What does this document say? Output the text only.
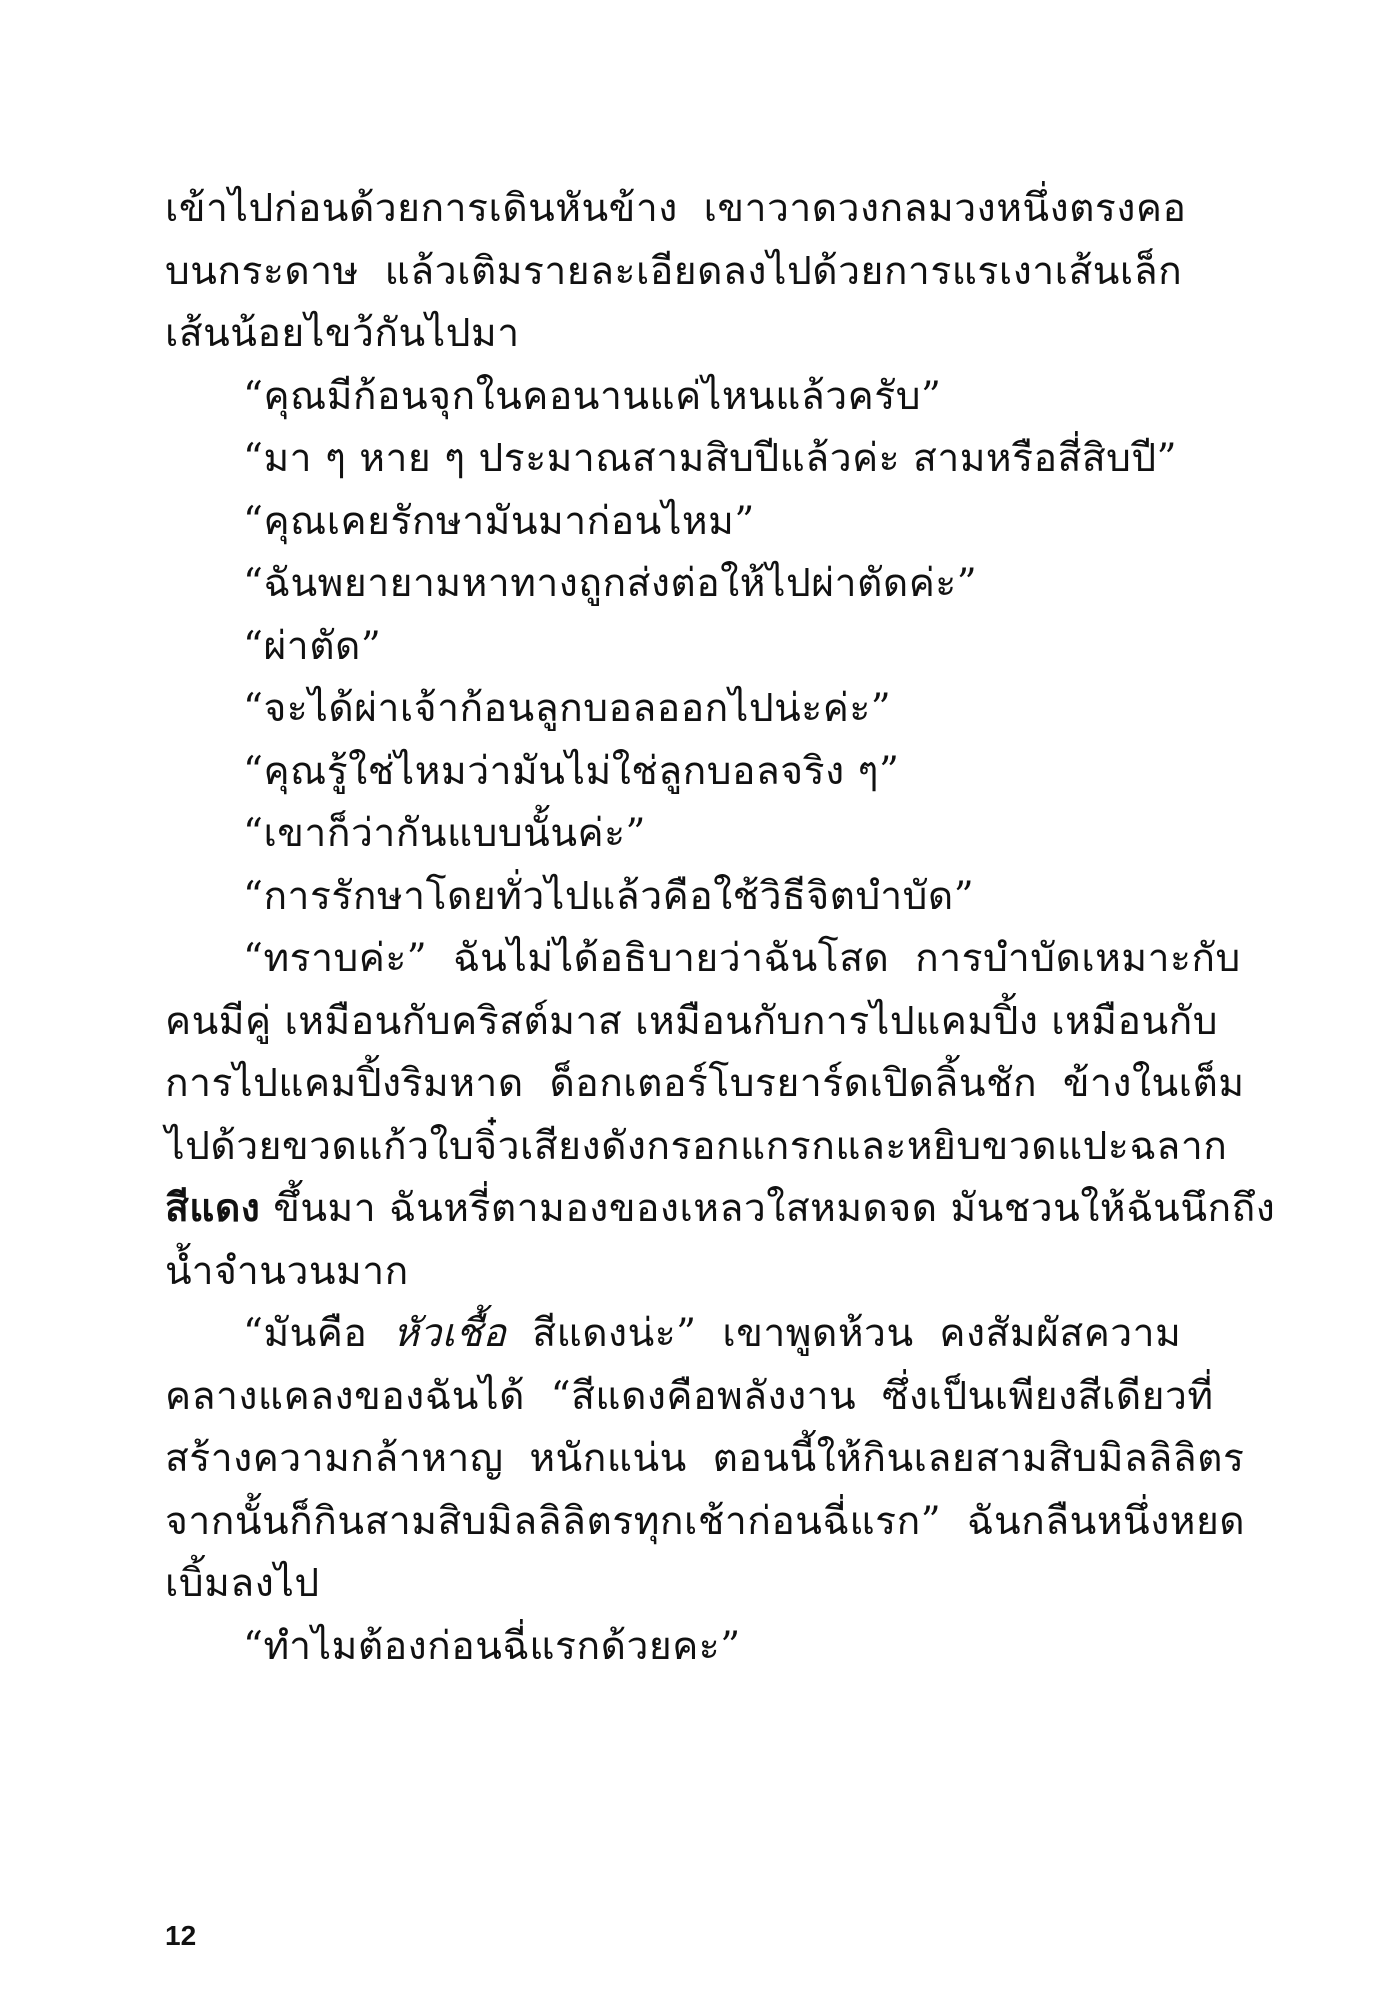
เข้าไปก่อนด้วยการเดินหันข้าง  เขาวาดวงกลมวงหนึ่งตรงคอ
บนกระดาษ  แล้วเติมรายละเอียดลงไปด้วยการแรเงาเส้นเล็ก
เส้นน้อยไขว้กันไปมา
“คุณมีก้อนจุกในคอนานแค่ไหนแล้วครับ”
“มา ๆ หาย ๆ ประมาณสามสิบปีแล้วค่ะ สามหรือสี่สิบปี”
“คุณเคยรักษามันมาก่อนไหม”
“ฉันพยายามหาทางถูกส่งต่อให้ไปผ่าตัดค่ะ”
“ผ่าตัด”
“จะได้ผ่าเจ้าก้อนลูกบอลออกไปน่ะค่ะ”
“คุณรู้ใช่ไหมว่ามันไม่ใช่ลูกบอลจริง ๆ”
“เขาก็ว่ากันแบบนั้นค่ะ”
“การรักษาโดยทั่วไปแล้วคือใช้วิธีจิตบำบัด”
“ทราบค่ะ”  ฉันไม่ได้อธิบายว่าฉันโสด  การบำบัดเหมาะกับ
คนมีคู่ เหมือนกับคริสต์มาส เหมือนกับการไปแคมปิ้ง เหมือนกับ
การไปแคมปิ้งริมหาด  ด็อกเตอร์โบรยาร์ดเปิดลิ้นชัก  ข้างในเต็ม
ไปด้วยขวดแก้วใบจิ๋วเสียงดังกรอกแกรกและหยิบขวดแปะฉลาก
สีแดง ขึ้นมา ฉันหรี่ตามองของเหลวใสหมดจด มันชวนให้ฉันนึกถึง
น้ำจำนวนมาก
“มันคือ  หัวเชื้อ  สีแดงน่ะ”  เขาพูดห้วน  คงสัมผัสความ
คลางแคลงของฉันได้  “สีแดงคือพลังงาน  ซึ่งเป็นเพียงสีเดียวที่
สร้างความกล้าหาญ  หนักแน่น  ตอนนี้ให้กินเลยสามสิบมิลลิลิตร
จากนั้นก็กินสามสิบมิลลิลิตรทุกเช้าก่อนฉี่แรก”  ฉันกลืนหนึ่งหยด
เบิ้มลงไป
“ทำไมต้องก่อนฉี่แรกด้วยคะ”
12
